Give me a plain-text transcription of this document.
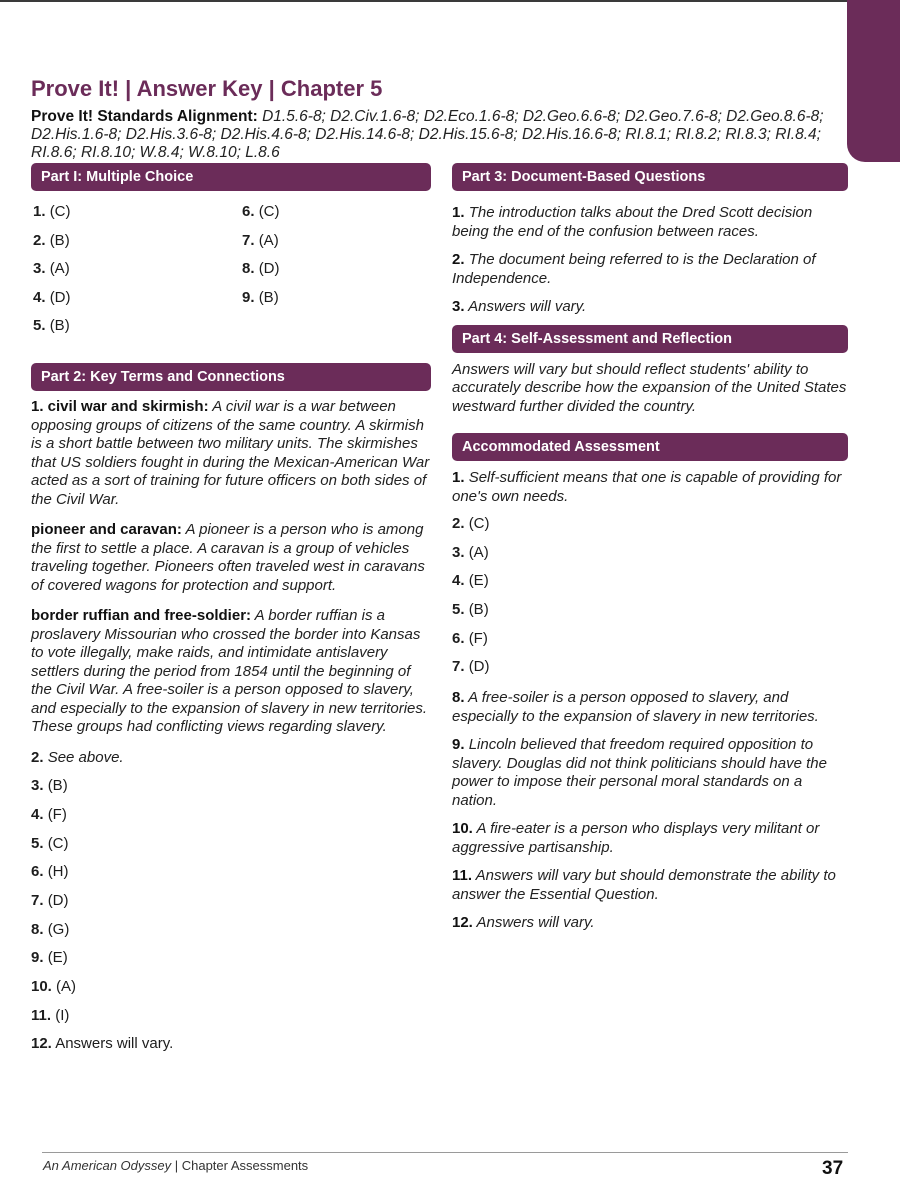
Prove It! | Answer Key | Chapter 5
Prove It! Standards Alignment: D1.5.6-8; D2.Civ.1.6-8; D2.Eco.1.6-8; D2.Geo.6.6-8; D2.Geo.7.6-8; D2.Geo.8.6-8; D2.His.1.6-8; D2.His.3.6-8; D2.His.4.6-8; D2.His.14.6-8; D2.His.15.6-8; D2.His.16.6-8; RI.8.1; RI.8.2; RI.8.3; RI.8.4; RI.8.6; RI.8.10; W.8.4; W.8.10; L.8.6
Part I: Multiple Choice
1. (C)
2. (B)
3. (A)
4. (D)
5. (B)
6. (C)
7. (A)
8. (D)
9. (B)
Part 2: Key Terms and Connections

1. civil war and skirmish: A civil war is a war between opposing groups of citizens of the same country. A skirmish is a short battle between two military units. The skirmishes that US soldiers fought in during the Mexican-American War acted as a sort of training for future officers on both sides of the Civil War.

pioneer and caravan: A pioneer is a person who is among the first to settle a place. A caravan is a group of vehicles traveling together. Pioneers often traveled west in caravans of covered wagons for protection and support.

border ruffian and free-soldier: A border ruffian is a proslavery Missourian who crossed the border into Kansas to vote illegally, make raids, and intimidate antislavery settlers during the period from 1854 until the beginning of the Civil War. A free-soiler is a person opposed to slavery, and especially to the expansion of slavery in new territories. These groups had conflicting views regarding slavery.

2. See above.
3. (B)
4. (F)
5. (C)
6. (H)
7. (D)
8. (G)
9. (E)
10. (A)
11. (I)
12. Answers will vary.
Part 3: Document-Based Questions

1. The introduction talks about the Dred Scott decision being the end of the confusion between races.

2. The document being referred to is the Declaration of Independence.

3. Answers will vary.

Part 4: Self-Assessment and Reflection

Answers will vary but should reflect students' ability to accurately describe how the expansion of the United States westward further divided the country.

Accommodated Assessment

1. Self-sufficient means that one is capable of providing for one's own needs.

2. (C)
3. (A)
4. (E)
5. (B)
6. (F)
7. (D)

8. A free-soiler is a person opposed to slavery, and especially to the expansion of slavery in new territories.

9. Lincoln believed that freedom required opposition to slavery. Douglas did not think politicians should have the power to impose their personal moral standards on a nation.

10. A fire-eater is a person who displays very militant or aggressive partisanship.

11. Answers will vary but should demonstrate the ability to answer the Essential Question.

12. Answers will vary.

An American Odyssey | Chapter Assessments	37
